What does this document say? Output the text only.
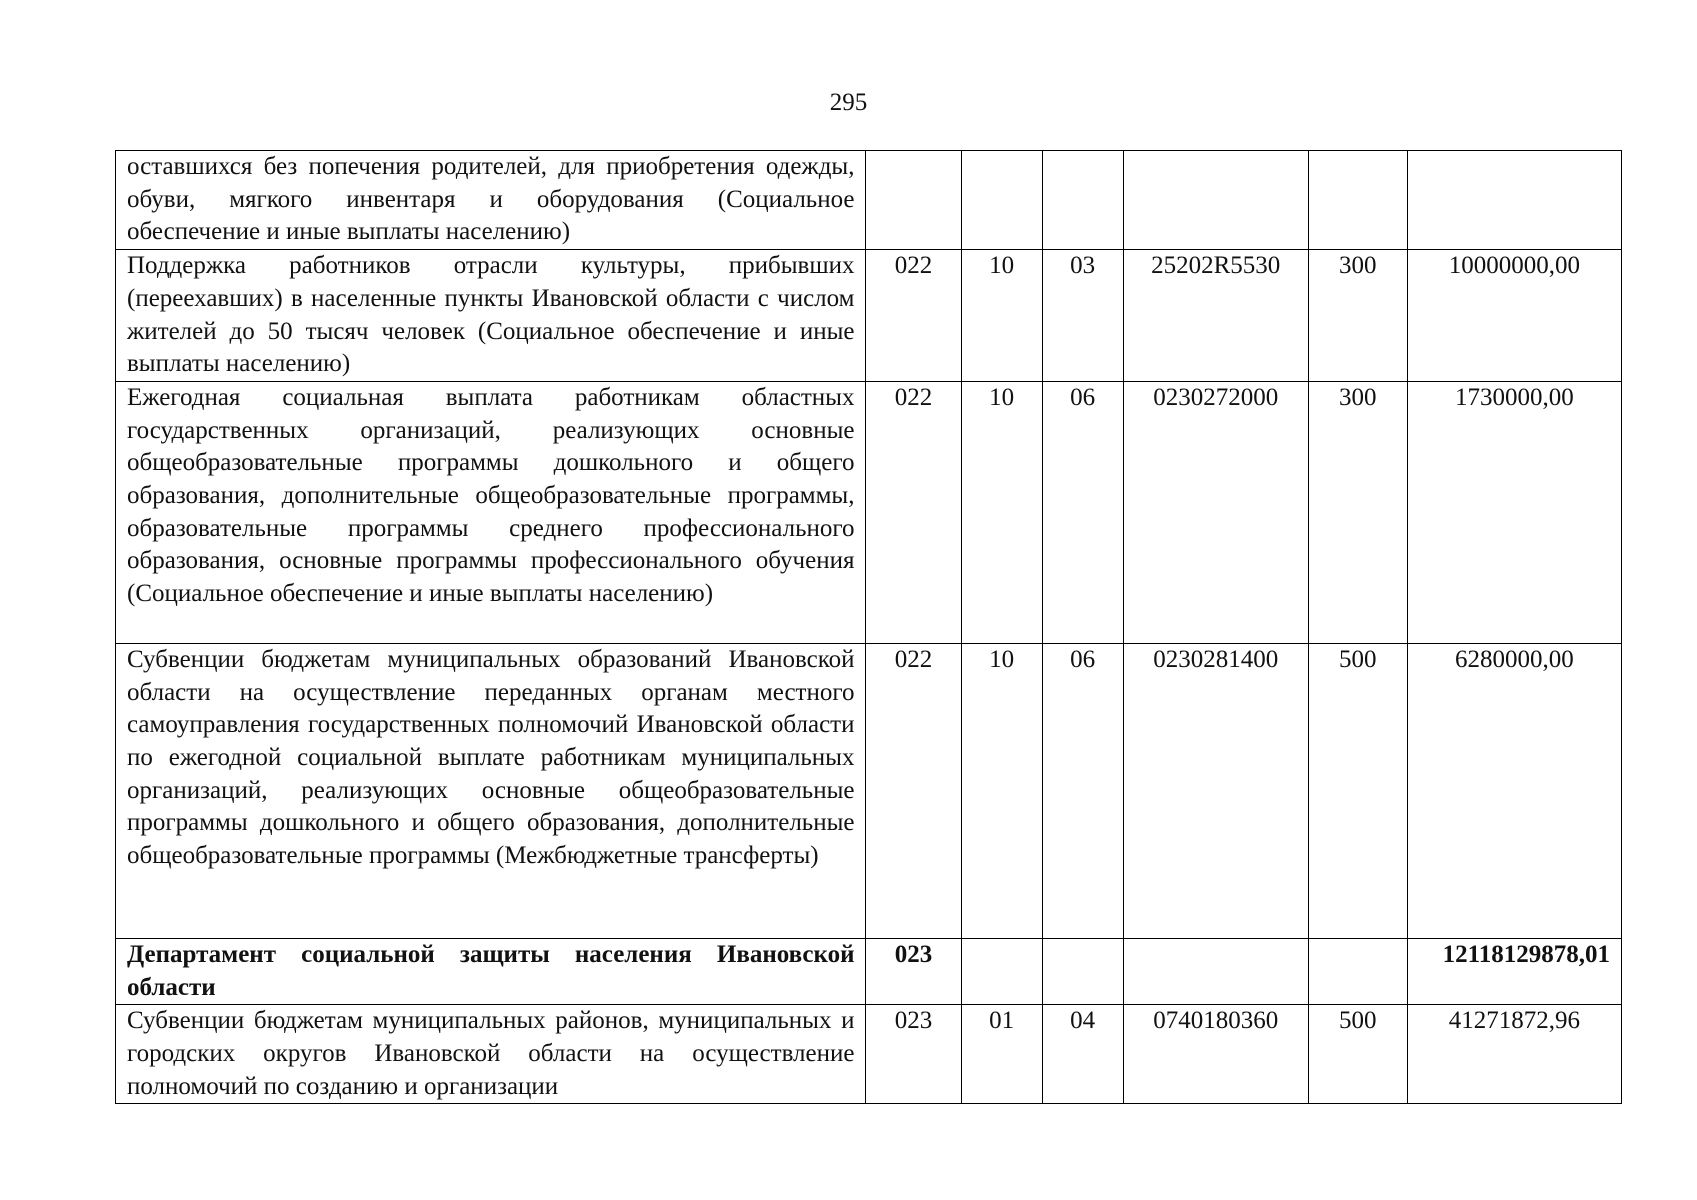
295
оставшихся без попечения родителей, для приобретения одежды, обуви, мягкого инвентаря и оборудования (Социальное обеспечение и иные выплаты населению)						
Поддержка работников отрасли культуры, прибывших (переехавших) в населенные пункты Ивановской области с числом жителей до 50 тысяч человек (Социальное обеспечение и иные выплаты населению)	022	10	03	25202R5530	300	10000000,00
Ежегодная социальная выплата работникам областных государственных организаций, реализующих основные общеобразовательные программы дошкольного и общего образования, дополнительные общеобразовательные программы, образовательные программы среднего профессионального образования, основные программы профессионального обучения (Социальное обеспечение и иные выплаты населению)	022	10	06	0230272000	300	1730000,00
Субвенции бюджетам муниципальных образований Ивановской области на осуществление переданных органам местного самоуправления государственных полномочий Ивановской области по ежегодной социальной выплате работникам муниципальных организаций, реализующих основные общеобразовательные программы дошкольного и общего образования, дополнительные общеобразовательные программы (Межбюджетные трансферты)	022	10	06	0230281400	500	6280000,00
Департамент социальной защиты населения Ивановской области	023					12118129878,01
Субвенции бюджетам муниципальных районов, муниципальных и городских округов Ивановской области на осуществление полномочий по созданию и организации	023	01	04	0740180360	500	41271872,96
